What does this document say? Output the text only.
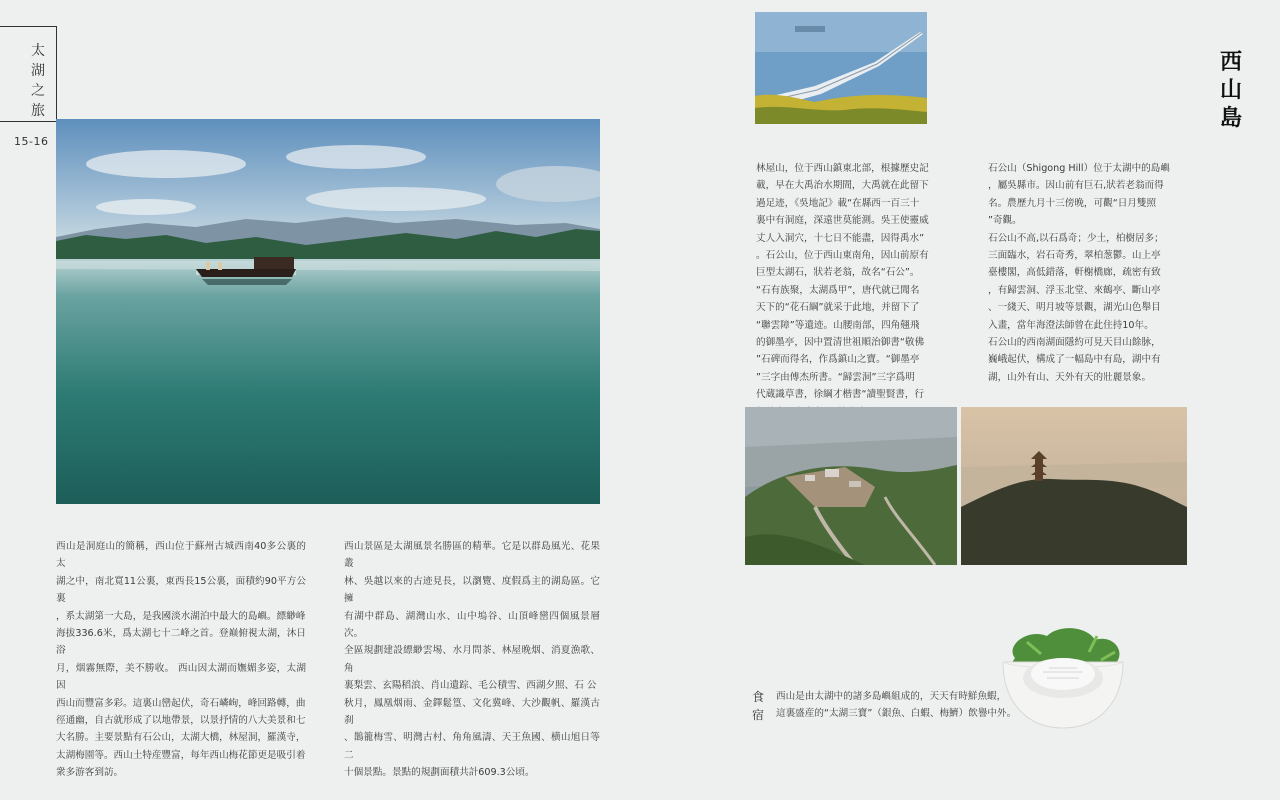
太
湖
之
旅
15-16
西山是洞庭山的簡稱，西山位于蘇州古城西南40多公裏的太
湖之中，南北寬11公裏，東西長15公裏，面積約90平方公裏
，系太湖第一大島，是我國淡水湖泊中最大的島嶼。縹緲峰
海拔336.6米，爲太湖七十二峰之首。登巅俯視太湖，沐日浴
月，烟霧無際，美不勝收。 西山因太湖而嫵媚多姿，太湖因
西山而豐富多彩。這裏山巒起伏，奇石嶙峋，峰回路轉，曲
徑通幽，自古就形成了以地帶景，以景抒情的八大美景和七
大名勝。主要景點有石公山，太湖大橋，林屋洞，羅漢寺，
太湖梅園等。西山土特産豐富，每年西山梅花節更是吸引着
衆多游客到訪。
西山景區是太湖風景名勝區的精華。它是以群島風光、花果叢
林、吳越以來的古迹見長，以瀏覽、度假爲主的湖島區。它擁
有湖中群島、湖灣山水、山中塢谷、山頂峰巒四個風景層次。
全區規劃建設縹緲雲埸、水月問茶、林屋晚烟、消夏漁歌、角
裏梨雲、玄陽稻浪、肖山遺踪、毛公積雪、西湖夕照、石 公
秋月，鳳凰烟雨、金鐸鬆篁、文化冀峰、大沙觀帆、羅漢古刹
、鵲籠梅雪、明灣古村、角角風濤、天王魚國、横山旭日等二
十個景點。景點的規劃面積共計609.3公頃。
西
山
島
林屋山，位于西山鎮東北部，根據歷史記
載，早在大禹治水期間，大禹就在此留下
過足迹，《吳地記》載“在縣西一百三十
裏中有洞庭，深遠世莫能測。吳王使靈威
丈人入洞穴，十七日不能盡，因得禹水”
。石公山，位于西山東南角，因山前原有
巨型太湖石，狀若老翁，故名“石公”。
“石有族聚，太湖爲甲”，唐代就已聞名
天下的“花石綱”就采于此地，并留下了
“聯雲障”等遺迹。山腰南部，四角翹飛
的御墨亭，因中置清世祖順治御書“敬佛
”石碑而得名，作爲鎮山之寶。“御墨亭
”三字由傅杰所書。“歸雲洞”三字爲明
代蔵識草書，徐綱才楷書“讀聖賢書，行

石公山（Shigong Hill）位于太湖中的島嶼
，屬吳縣市。因山前有巨石,狀若老翁而得
名。農歷九月十三傍晚，可觀“日月雙照
”奇觀。
石公山不高,以石爲奇；少土，柏樹居多；
三面臨水，岩石奇秀，翠柏葱鬱。山上亭
臺樓閣，高低錯落，軒榭橋廊，疏密有致
，有歸雲洞、浮玉北堂、來鶴亭、斷山亭
、一綫天、明月坡等景觀，湖光山色舉目
入畫，當年海澄法師曾在此住持10年。
石公山的西南湖面隱約可見天目山餘脉，
巍峨起伏，構成了一幅島中有島，湖中有
湖，山外有山、天外有天的壯麗景象。
食
宿
西山是由太湖中的諸多島嶼組成的，天天有時鮮魚蝦，
這裏盛産的“太湖三寶”（銀魚、白蝦、梅鱭）飲譽中外。
